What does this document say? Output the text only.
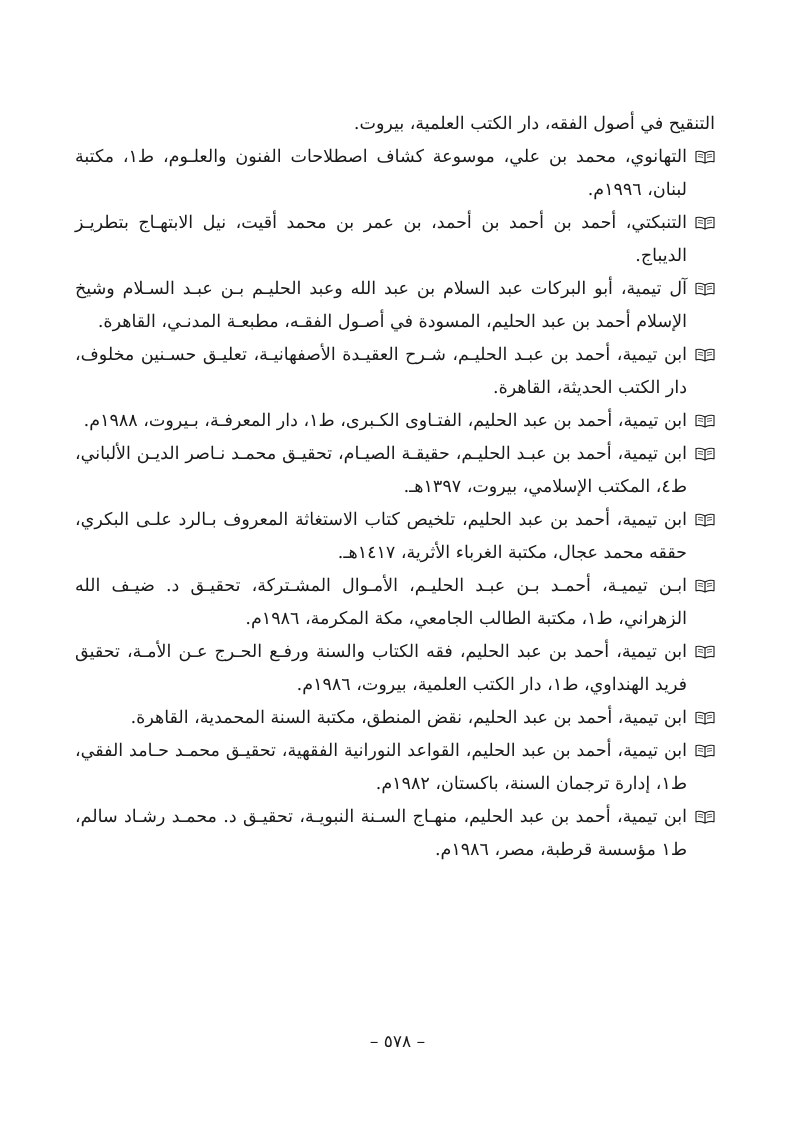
التنقيح في أصول الفقه، دار الكتب العلمية، بيروت.

التهانوي، محمد بن علي، موسوعة كشاف اصطلاحات الفنون والعلـوم، ط١، مكتبة لبنان، ١٩٩٦م.

التنبكتي، أحمد بن أحمد بن أحمد، بن عمر بن محمد أقيت، نيل الابتهـاج بتطريـز الديباج.

آل تيمية، أبو البركات عبد السلام بن عبد الله وعبد الحليـم بـن عبـد السـلام وشيخ الإسلام أحمد بن عبد الحليم، المسودة في أصـول الفقـه، مطبعـة المدنـي، القاهرة.

ابن تيمية، أحمد بن عبـد الحليـم، شـرح العقيـدة الأصفهانيـة، تعليـق حسـنين مخلوف، دار الكتب الحديثة، القاهرة.

ابن تيمية، أحمد بن عبد الحليم، الفتـاوى الكـبرى، ط١، دار المعرفـة، بـيروت، ١٩٨٨م.

ابن تيمية، أحمد بن عبـد الحليـم، حقيقـة الصيـام، تحقيـق محمـد نـاصر الديـن الألباني، ط٤، المكتب الإسلامي، بيروت، ١٣٩٧هـ.

ابن تيمية، أحمد بن عبد الحليم، تلخيص كتاب الاستغاثة المعروف بـالرد علـى البكري، حققه محمد عجال، مكتبة الغرباء الأثرية، ١٤١٧هـ.

ابـن تيميـة، أحمـد بـن عبـد الحليـم، الأمـوال المشـتركة، تحقيـق د. ضيـف الله الزهراني، ط١، مكتبة الطالب الجامعي، مكة المكرمة، ١٩٨٦م.

ابن تيمية، أحمد بن عبد الحليم، فقه الكتاب والسنة ورفـع الحـرج عـن الأمـة، تحقيق فريد الهنداوي، ط١، دار الكتب العلمية، بيروت، ١٩٨٦م.

ابن تيمية، أحمد بن عبد الحليم، نقض المنطق، مكتبة السنة المحمدية، القاهرة.

ابن تيمية، أحمد بن عبد الحليم، القواعد النورانية الفقهية، تحقيـق محمـد حـامد الفقي، ط١، إدارة ترجمان السنة، باكستان، ١٩٨٢م.

ابن تيمية، أحمد بن عبد الحليم، منهـاج السـنة النبويـة، تحقيـق د. محمـد رشـاد سالم، ط١ مؤسسة قرطبة، مصر، ١٩٨٦م.

– ٥٧٨ –
